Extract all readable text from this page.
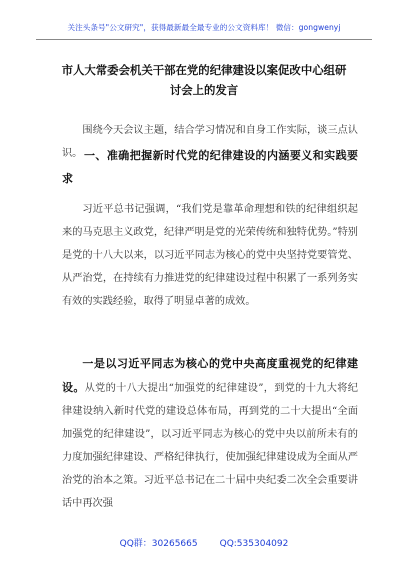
关注头条号"公文研究"，获得最新最全最专业的公文资料库！ 微信：gongwenyj
市人大常委会机关干部在党的纪律建设以案促改中心组研
讨会上的发言
围绕今天会议主题，结合学习情况和自身工作实际，谈三点认识。 一、准确把握新时代党的纪律建设的内涵要义和实践要求
习近平总书记强调，“我们党是靠革命理想和铁的纪律组织起来的马克思主义政党，纪律严明是党的光荣传统和独特优势。”特别是党的十八大以来，以习近平同志为核心的党中央坚持党要管党、从严治党，在持续有力推进党的纪律建设过程中积累了一系列务实有效的实践经验，取得了明显卓著的成效。
一是以习近平同志为核心的党中央高度重视党的纪律建设。从党的十八大提出“加强党的纪律建设”，到党的十九大将纪律建设纳入新时代党的建设总体布局，再到党的二十大提出“全面加强党的纪律建设”，以习近平同志为核心的党中央以前所未有的力度加强纪律建设、严格纪律执行，使加强纪律建设成为全面从严治党的治本之策。习近平总书记在二十届中央纪委二次全会重要讲话中再次强
QQ群：30265665 QQ:535304092
